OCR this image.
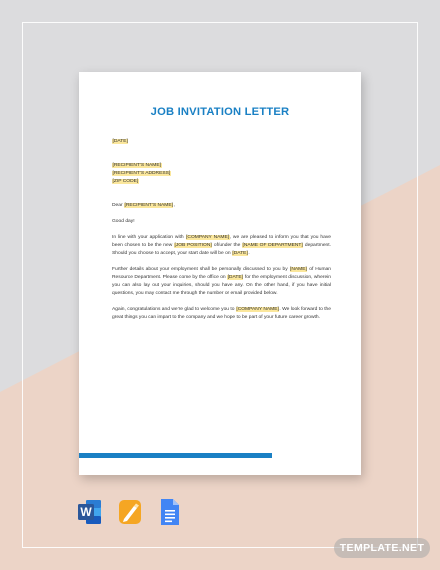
JOB INVITATION LETTER

[DATE]

[RECIPIENT'S NAME]

[RECIPIENT'S ADDRESS]

[ZIP CODE]

Dear [RECIPIENT'S NAME],

Good day!

In line with your application with [COMPANY NAME], we are pleased to inform you that you have been chosen to be the new [JOB POSITION] of/under the [NAME OF DEPARTMENT] department. Should you choose to accept, your start date will be on [DATE].

Further details about your employment shall be personally discussed to you by [NAME] of Human Resource Department. Please come by the office on [DATE] for the employment discussion, wherein you can also lay out your inquiries, should you have any. On the other hand, if you have initial questions, you may contact me through the number or email provided below.

Again, congratulations and we’re glad to welcome you to [COMPANY NAME]. We look forward to the great things you can impart to the company and we hope to be part of your future career growth.

W
TEMPLATE.NET
